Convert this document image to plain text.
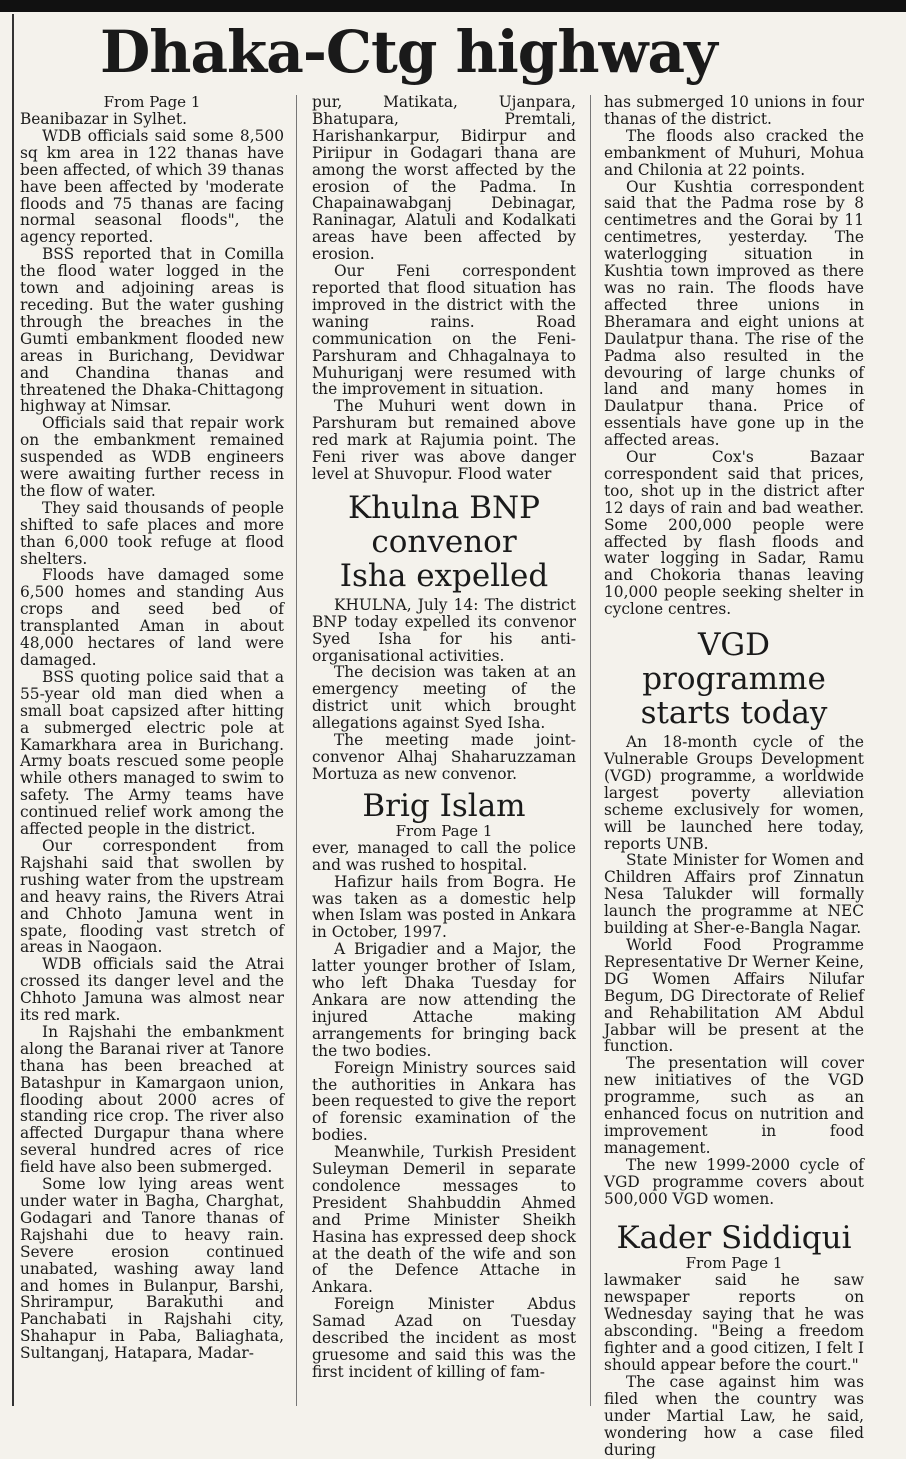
Dhaka-Ctg highway
From Page 1

Beanibazar in Sylhet.

WDB officials said some 8,500 sq km area in 122 thanas have been affected, of which 39 thanas have been affected by 'moderate floods and 75 thanas are facing normal seasonal floods", the agency reported.

BSS reported that in Comilla the flood water logged in the town and adjoining areas is receding. But the water gushing through the breaches in the Gumti embankment flooded new areas in Burichang, Devidwar and Chandina thanas and threatened the Dhaka-Chittagong highway at Nimsar.

Officials said that repair work on the embankment remained suspended as WDB engineers were awaiting further recess in the flow of water.

They said thousands of people shifted to safe places and more than 6,000 took refuge at flood shelters.

Floods have damaged some 6,500 homes and standing Aus crops and seed bed of transplanted Aman in about 48,000 hectares of land were damaged.

BSS quoting police said that a 55-year old man died when a small boat capsized after hitting a submerged electric pole at Kamarkhara area in Burichang. Army boats rescued some people while others managed to swim to safety. The Army teams have continued relief work among the affected people in the district.

Our correspondent from Rajshahi said that swollen by rushing water from the upstream and heavy rains, the Rivers Atrai and Chhoto Jamuna went in spate, flooding vast stretch of areas in Naogaon.

WDB officials said the Atrai crossed its danger level and the Chhoto Jamuna was almost near its red mark.

In Rajshahi the embankment along the Baranai river at Tanore thana has been breached at Batashpur in Kamargaon union, flooding about 2000 acres of standing rice crop. The river also affected Durgapur thana where several hundred acres of rice field have also been submerged.

Some low lying areas went under water in Bagha, Charghat, Godagari and Tanore thanas of Rajshahi due to heavy rain. Severe erosion continued unabated, washing away land and homes in Bulanpur, Barshi, Shrirampur, Barakuthi and Panchabati in Rajshahi city, Shahapur in Paba, Baliaghata, Sultanganj, Hatapara, Madar-

pur, Matikata, Ujanpara, Bhatupara, Premtali, Harishankarpur, Bidirpur and Piriipur in Godagari thana are among the worst affected by the erosion of the Padma. In Chapainawabganj Debinagar, Raninagar, Alatuli and Kodalkati areas have been affected by erosion.

Our Feni correspondent reported that flood situation has improved in the district with the waning rains. Road communication on the Feni-Parshuram and Chhagalnaya to Muhuriganj were resumed with the improvement in situation.

The Muhuri went down in Parshuram but remained above red mark at Rajumia point. The Feni river was above danger level at Shuvopur. Flood water

Khulna BNP
convenor
Isha expelled

KHULNA, July 14: The district BNP today expelled its convenor Syed Isha for his anti-organisational activities.

The decision was taken at an emergency meeting of the district unit which brought allegations against Syed Isha.

The meeting made joint-convenor Alhaj Shaharuzzaman Mortuza as new convenor.

Brig Islam
From Page 1

ever, managed to call the police and was rushed to hospital.

Hafizur hails from Bogra. He was taken as a domestic help when Islam was posted in Ankara in October, 1997.

A Brigadier and a Major, the latter younger brother of Islam, who left Dhaka Tuesday for Ankara are now attending the injured Attache making arrangements for bringing back the two bodies.

Foreign Ministry sources said the authorities in Ankara has been requested to give the report of forensic examination of the bodies.

Meanwhile, Turkish President Suleyman Demeril in separate condolence messages to President Shahbuddin Ahmed and Prime Minister Sheikh Hasina has expressed deep shock at the death of the wife and son of the Defence Attache in Ankara.

Foreign Minister Abdus Samad Azad on Tuesday described the incident as most gruesome and said this was the first incident of killing of fam-

has submerged 10 unions in four thanas of the district.

The floods also cracked the embankment of Muhuri, Mohua and Chilonia at 22 points.

Our Kushtia correspondent said that the Padma rose by 8 centimetres and the Gorai by 11 centimetres, yesterday. The waterlogging situation in Kushtia town improved as there was no rain. The floods have affected three unions in Bheramara and eight unions at Daulatpur thana. The rise of the Padma also resulted in the devouring of large chunks of land and many homes in Daulatpur thana. Price of essentials have gone up in the affected areas.

Our Cox's Bazaar correspondent said that prices, too, shot up in the district after 12 days of rain and bad weather. Some 200,000 people were affected by flash floods and water logging in Sadar, Ramu and Chokoria thanas leaving 10,000 people seeking shelter in cyclone centres.

VGD programme
starts today

An 18-month cycle of the Vulnerable Groups Development (VGD) programme, a worldwide largest poverty alleviation scheme exclusively for women, will be launched here today, reports UNB.

State Minister for Women and Children Affairs prof Zinnatun Nesa Talukder will formally launch the programme at NEC building at Sher-e-Bangla Nagar.

World Food Programme Representative Dr Werner Keine, DG Women Affairs Nilufar Begum, DG Directorate of Relief and Rehabilitation AM Abdul Jabbar will be present at the function.

The presentation will cover new initiatives of the VGD programme, such as an enhanced focus on nutrition and improvement in food management.

The new 1999-2000 cycle of VGD programme covers about 500,000 VGD women.

Kader Siddiqui
From Page 1

lawmaker said he saw newspaper reports on Wednesday saying that he was absconding. "Being a freedom fighter and a good citizen, I felt I should appear before the court."

The case against him was filed when the country was under Martial Law, he said, wondering how a case filed during
